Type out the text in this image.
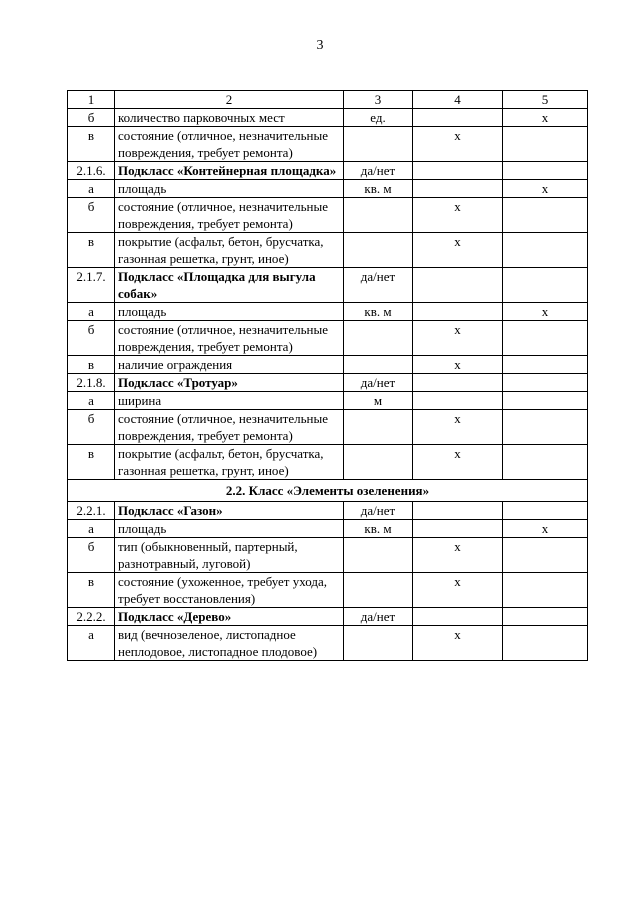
3
1	2	3	4	5
б	количество парковочных мест	ед.		х
в	состояние (отличное, незначительные повреждения, требует ремонта)		х	
2.1.6.	Подкласс «Контейнерная площадка»	да/нет		
а	площадь	кв. м		х
б	состояние (отличное, незначительные повреждения, требует ремонта)		х	
в	покрытие (асфальт, бетон, брусчатка, газонная решетка, грунт, иное)		х	
2.1.7.	Подкласс «Площадка для выгула собак»	да/нет		
а	площадь	кв. м		х
б	состояние (отличное, незначительные повреждения, требует ремонта)		х	
в	наличие ограждения		х	
2.1.8.	Подкласс «Тротуар»	да/нет		
а	ширина	м		
б	состояние (отличное, незначительные повреждения, требует ремонта)		х	
в	покрытие (асфальт, бетон, брусчатка, газонная решетка, грунт, иное)		х	
2.2. Класс «Элементы озеленения»				
2.2.1.	Подкласс «Газон»	да/нет		
а	площадь	кв. м		х
б	тип (обыкновенный, партерный, разнотравный, луговой)		х	
в	состояние (ухоженное, требует ухода, требует восстановления)		х	
2.2.2.	Подкласс «Дерево»	да/нет		
а	вид (вечнозеленое, листопадное неплодовое, листопадное плодовое)		х	
